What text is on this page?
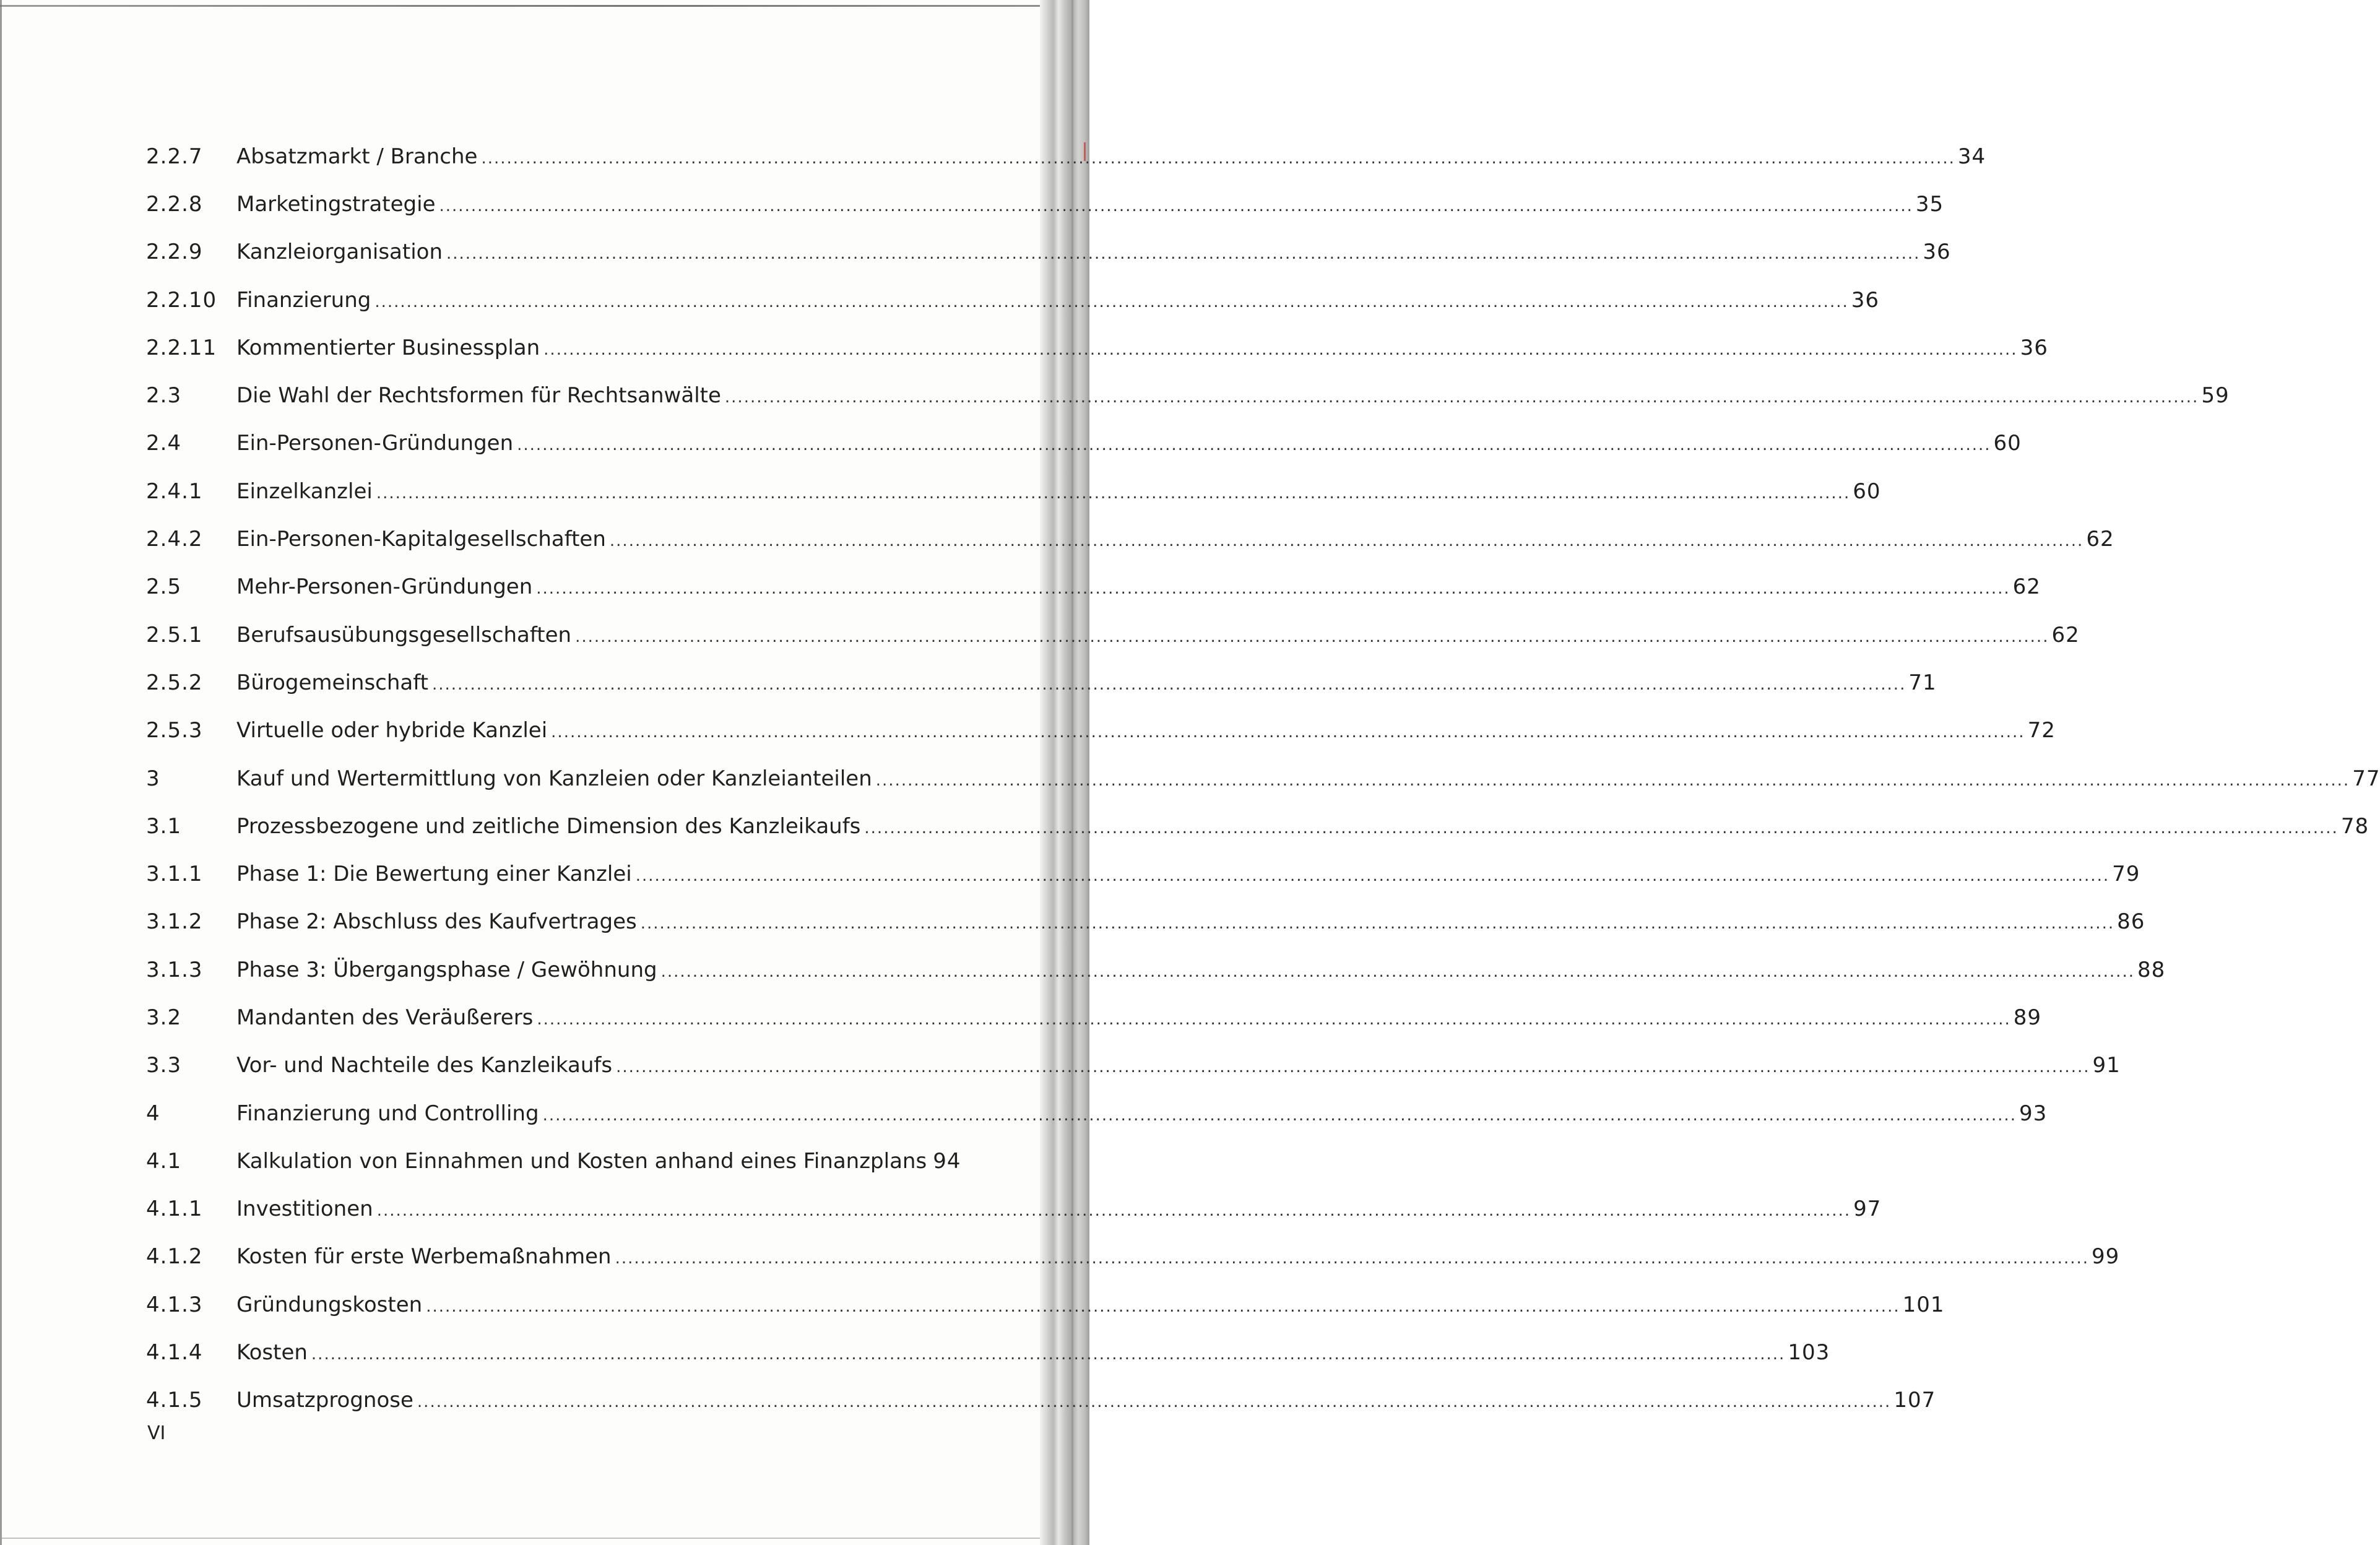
2.2.7	Absatzmarkt / Branche .....	34
2.2.8	Marketingstrategie .....	35
2.2.9	Kanzleiorganisation .....	36
2.2.10 Finanzierung .....	36
2.2.11 Kommentierter Businessplan .....	36
2.3	Die Wahl der Rechtsformen für Rechtsanwälte .....	59
2.4	Ein-Personen-Gründungen .....	60
2.4.1	Einzelkanzlei .....	60
2.4.2	Ein-Personen-Kapitalgesellschaften .....	62
2.5	Mehr-Personen-Gründungen .....	62
2.5.1	Berufsausübungsgesellschaften .....	62
2.5.2	Bürogemeinschaft .....	71
2.5.3	Virtuelle oder hybride Kanzlei .....	72
3	Kauf und Wertermittlung von Kanzleien oder Kanzleianteilen .....	77
3.1	Prozessbezogene und zeitliche Dimension des Kanzleikaufs .....	78
3.1.1	Phase 1: Die Bewertung einer Kanzlei .....	79
3.1.2	Phase 2: Abschluss des Kaufvertrages .....	86
3.1.3	Phase 3: Übergangsphase / Gewöhnung .....	88
3.2	Mandanten des Veräußerers .....	89
3.3	Vor- und Nachteile des Kanzleikaufs .....	91
4	Finanzierung und Controlling .....	93
4.1	Kalkulation von Einnahmen und Kosten anhand eines Finanzplans 94
4.1.1	Investitionen .....	97
4.1.2	Kosten für erste Werbemaßnahmen .....	99
4.1.3	Gründungskosten .....	101
4.1.4	Kosten .....	103
4.1.5	Umsatzprognose .....	107
VI
